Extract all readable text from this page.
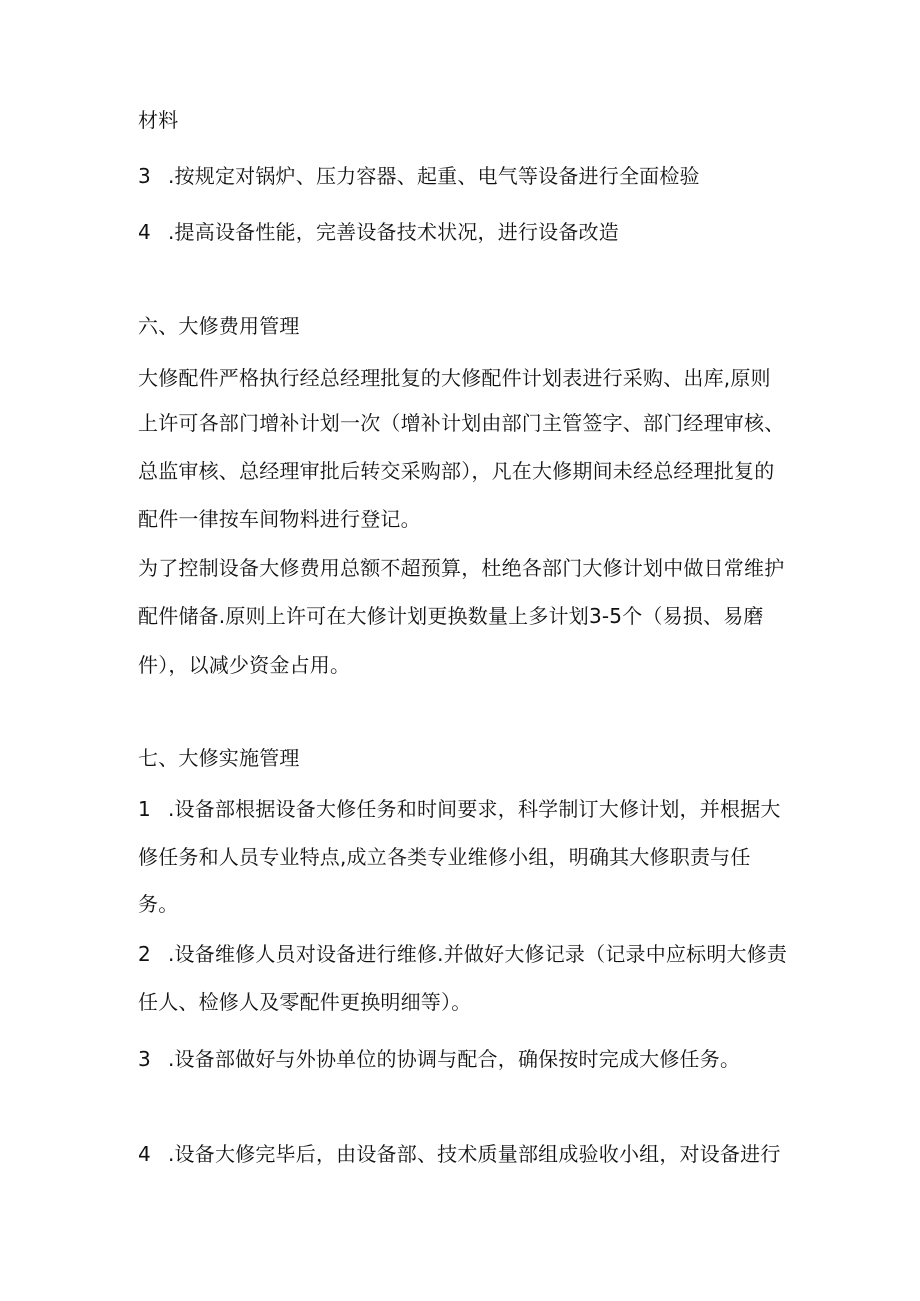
材料
3 .按规定对锅炉、压力容器、起重、电气等设备进行全面检验
4 .提高设备性能，完善设备技术状况，进行设备改造
六、大修费用管理
大修配件严格执行经总经理批复的大修配件计划表进行采购、出库,原则
上许可各部门增补计划一次（增补计划由部门主管签字、部门经理审核、
总监审核、总经理审批后转交采购部），凡在大修期间未经总经理批复的
配件一律按车间物料进行登记。
为了控制设备大修费用总额不超预算，杜绝各部门大修计划中做日常维护
配件储备.原则上许可在大修计划更换数量上多计划3-5个（易损、易磨
件），以减少资金占用。
七、大修实施管理
1 .设备部根据设备大修任务和时间要求，科学制订大修计划，并根据大
修任务和人员专业特点,成立各类专业维修小组，明确其大修职责与任
务。
2 .设备维修人员对设备进行维修.并做好大修记录（记录中应标明大修责
任人、检修人及零配件更换明细等）。
3 .设备部做好与外协单位的协调与配合，确保按时完成大修任务。
4 .设备大修完毕后，由设备部、技术质量部组成验收小组，对设备进行
